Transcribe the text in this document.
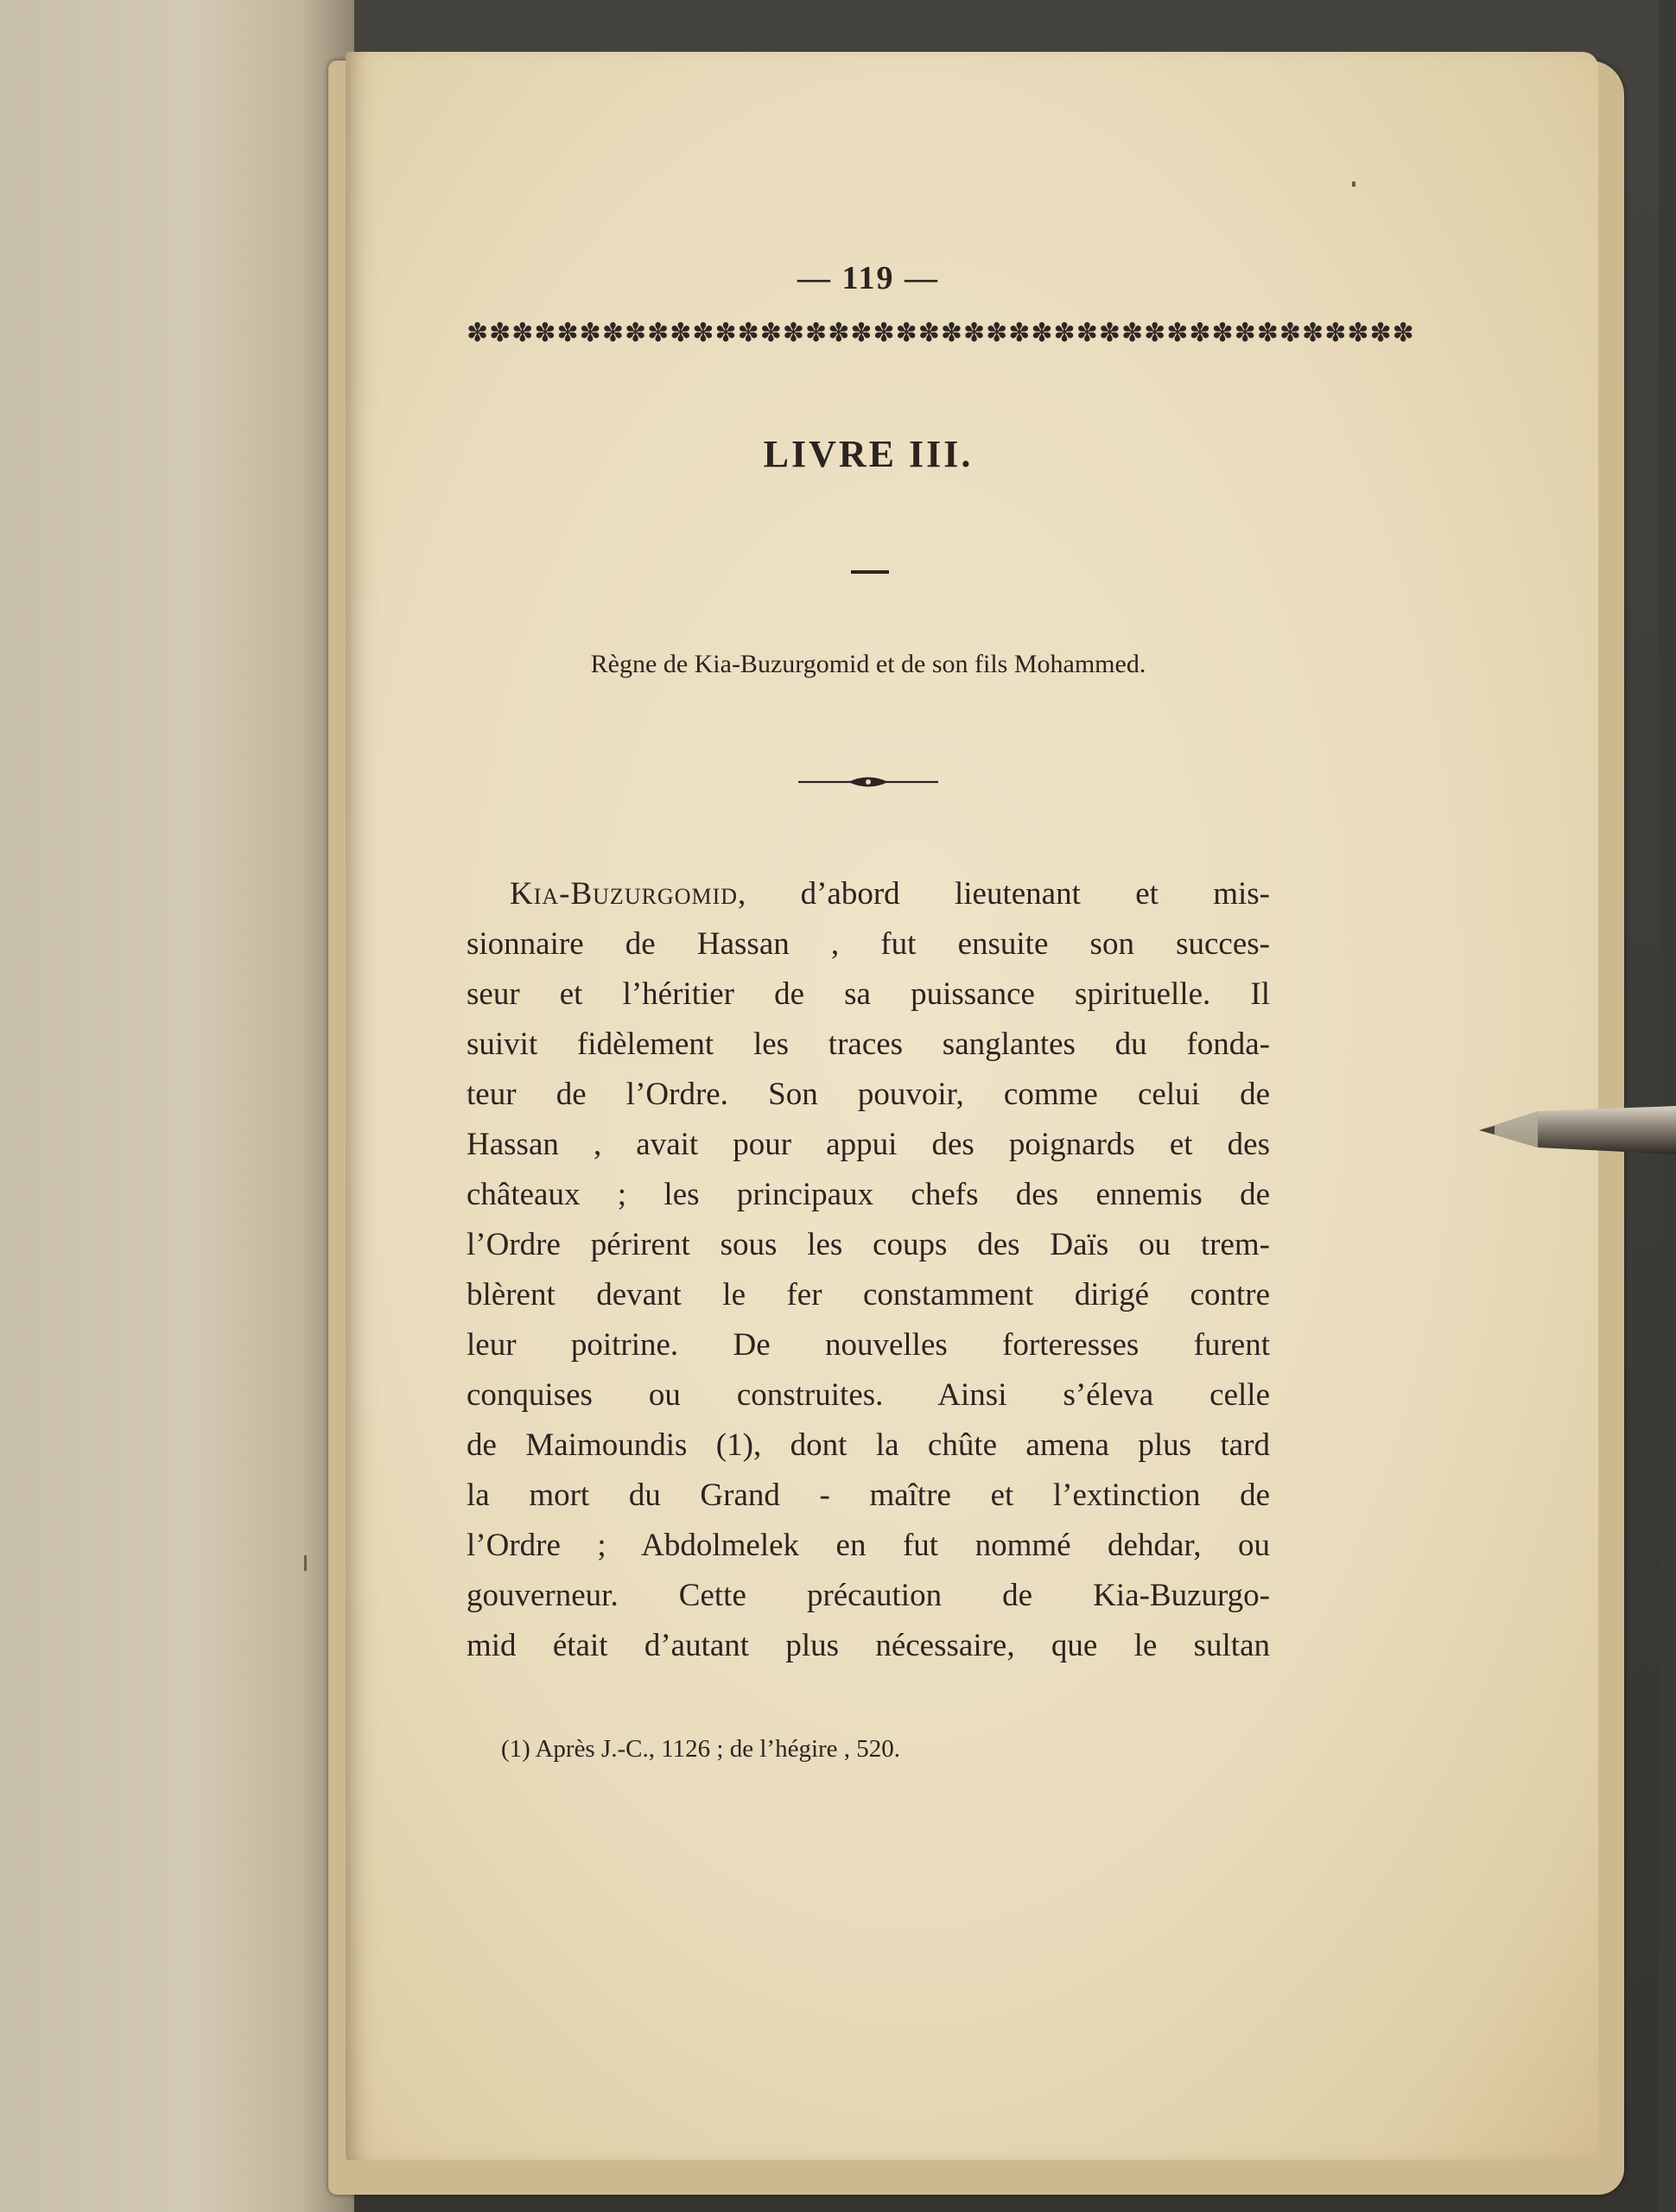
— 119 —
✽✽✽✽✽✽✽✽✽✽✽✽✽✽✽✽✽✽✽✽✽✽✽✽✽✽✽✽✽✽✽✽✽✽✽✽✽✽✽✽✽✽
LIVRE III.
Règne de Kia-Buzurgomid et de son fils Mohammed.
Kia-Buzurgomid, d’abord lieutenant et mis-
sionnaire de Hassan , fut ensuite son succes-
seur et l’héritier de sa puissance spirituelle. Il
suivit fidèlement les traces sanglantes du fonda-
teur de l’Ordre. Son pouvoir, comme celui de
Hassan , avait pour appui des poignards et des
châteaux ; les principaux chefs des ennemis de
l’Ordre périrent sous les coups des Daïs ou trem-
blèrent devant le fer constamment dirigé contre
leur poitrine. De nouvelles forteresses furent
conquises ou construites. Ainsi s’éleva celle
de Maimoundis (1), dont la chûte amena plus tard
la mort du Grand - maître et l’extinction de
l’Ordre ; Abdolmelek en fut nommé dehdar, ou
gouverneur. Cette précaution de Kia-Buzurgo-
mid était d’autant plus nécessaire, que le sultan
(1) Après J.-C., 1126 ; de l’hégire , 520.
